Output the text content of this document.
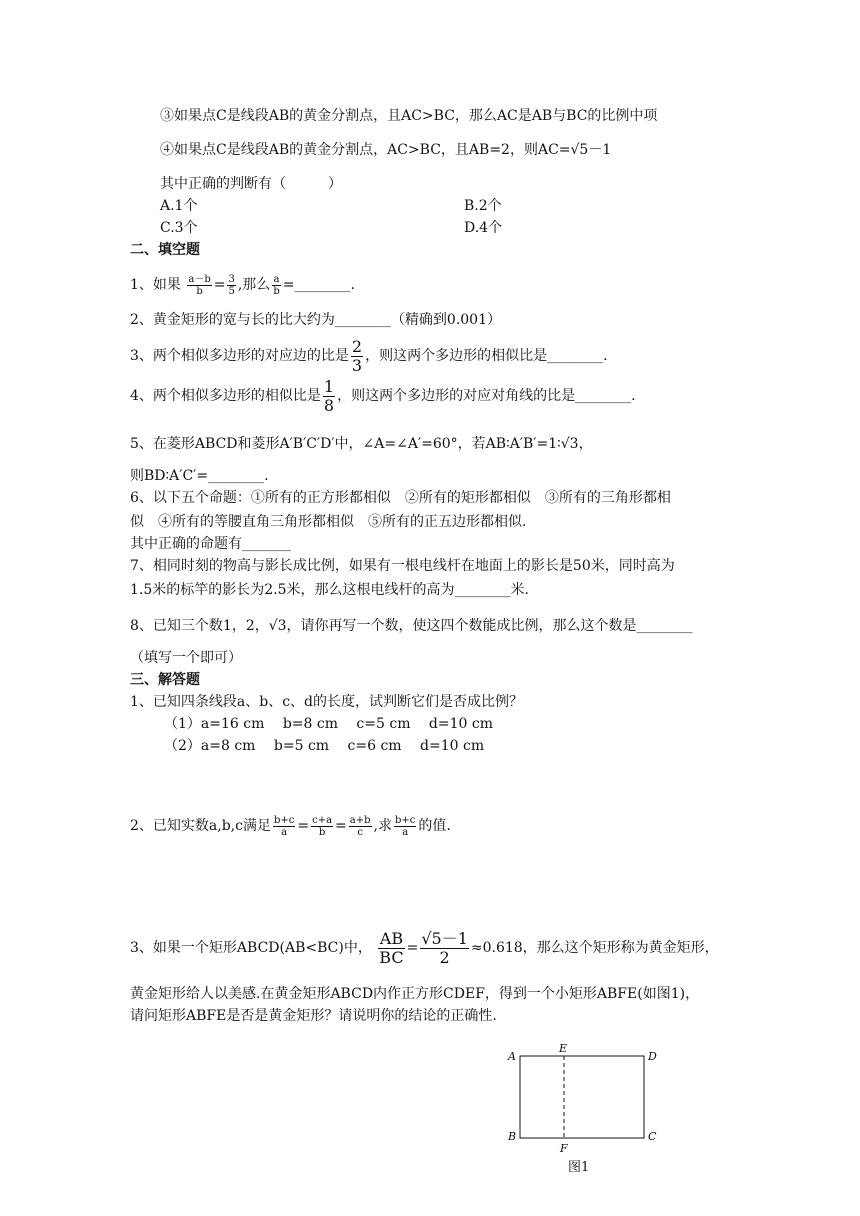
③如果点C是线段AB的黄金分割点，且AC>BC，那么AC是AB与BC的比例中项
④如果点C是线段AB的黄金分割点，AC>BC，且AB=2，则AC=√5－1
其中正确的判断有（　　　）
A.1个	B.2个
C.3个	D.4个
二、填空题
1、如果 $\frac{a-b}{b} = \frac{3}{5}$ ,那么 $\frac{a}{b}$ =________.
2、黄金矩形的宽与长的比大约为________（精确到0.001）
3、两个相似多边形的对应边的比是 $\frac{2}{3}$ ，则这两个多边形的相似比是________.
4、两个相似多边形的相似比是 $\frac{1}{8}$ ，则这两个多边形的对应对角线的比是________.
5、在菱形ABCD和菱形A′B′C′D′中，∠A=∠A′=60°，若AB∶A′B′=1∶√3，
则BD∶A′C′=________.
6、以下五个命题：①所有的正方形都相似　②所有的矩形都相似　③所有的三角形都相
似　④所有的等腰直角三角形都相似　⑤所有的正五边形都相似.
其中正确的命题有_______
7、相同时刻的物高与影长成比例，如果有一根电线杆在地面上的影长是50米，同时高为
1.5米的标竿的影长为2.5米，那么这根电线杆的高为________米.
8、已知三个数1，2，√3，请你再写一个数，使这四个数能成比例，那么这个数是________
（填写一个即可）
三、解答题
1、已知四条线段a、b、c、d的长度，试判断它们是否成比例？
（1）a=16 cm　 b=8 cm　 c=5 cm　 d=10 cm
（2）a=8 cm　 b=5 cm　 c=6 cm　 d=10 cm
2、已知实数a,b,c满足 $\frac{b+c}{a} = \frac{c+a}{b} = \frac{a+b}{c}$ ,求 $\frac{b+c}{a}$ 的值.
3、如果一个矩形ABCD(AB<BC)中， $\frac{AB}{BC} = \frac{√5-1}{2} \approx 0.618$，那么这个矩形称为黄金矩形，
黄金矩形给人以美感.在黄金矩形ABCD内作正方形CDEF，得到一个小矩形ABFE(如图1)，
请问矩形ABFE是否是黄金矩形？请说明你的结论的正确性.
A
E
D
B
F
C
图1
